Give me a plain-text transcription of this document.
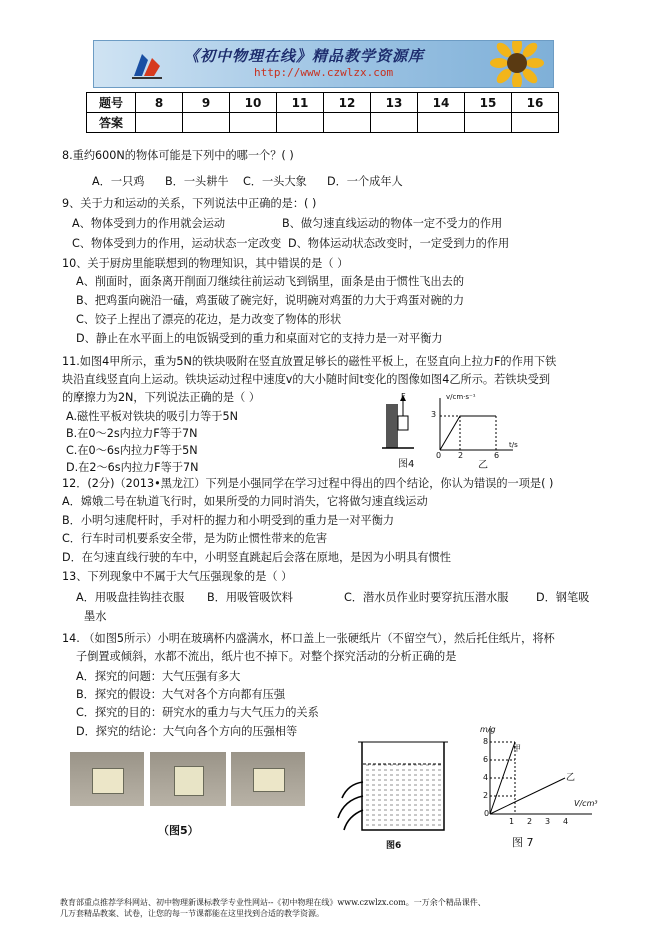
《初中物理在线》精品教学资源库
http://www.czwlzx.com
题号	8	9	10	11	12	13	14	15	16
答案									
8.重约600N的物体可能是下列中的哪一个？( )
A．一只鸡 B．一头耕牛 C．一头大象 D．一个成年人
9、关于力和运动的关系，下列说法中正确的是：( )
A、物体受到力的作用就会运动	B、做匀速直线运动的物体一定不受力的作用
C、物体受到力的作用，运动状态一定改变 D、物体运动状态改变时，一定受到力的作用
10、关于厨房里能联想到的物理知识，其中错误的是（ ）
A、削面时，面条离开削面刀继续往前运动飞到锅里，面条是由于惯性飞出去的
B、把鸡蛋向碗沿一磕，鸡蛋破了碗完好，说明碗对鸡蛋的力大于鸡蛋对碗的力
C、饺子上捏出了漂亮的花边，是力改变了物体的形状
D、静止在水平面上的电饭锅受到的重力和桌面对它的支持力是一对平衡力
11.如图4甲所示，重为5N的铁块吸附在竖直放置足够长的磁性平板上，在竖直向上拉力F的作用下铁
块沿直线竖直向上运动。铁块运动过程中速度v的大小随时间t变化的图像如图4乙所示。若铁块受到
的摩擦力为2N，下列说法正确的是（ ）
A.磁性平板对铁块的吸引力等于5N
B.在0～2s内拉力F等于7N
C.在0～6s内拉力F等于5N
D.在2～6s内拉力F等于7N
F	v/cm·s⁻¹
3
0 2	6
t/s
图4	乙
12．(2分)（2013•黑龙江）下列是小强同学在学习过程中得出的四个结论，你认为错误的一项是( )
A．嫦娥二号在轨道飞行时，如果所受的力同时消失，它将做匀速直线运动
B．小明匀速爬杆时，手对杆的握力和小明受到的重力是一对平衡力
C．行车时司机要系安全带，是为防止惯性带来的危害
D．在匀速直线行驶的车中，小明竖直跳起后会落在原地，是因为小明具有惯性
13、下列现象中不属于大气压强现象的是（ ）
A．用吸盘挂钩挂衣服 B．用吸管吸饮料	C．潜水员作业时要穿抗压潜水服 D．钢笔吸
墨水
14. （如图5所示）小明在玻璃杯内盛满水，杯口盖上一张硬纸片（不留空气），然后托住纸片，将杯
子倒置或倾斜，水都不流出，纸片也不掉下。对整个探究活动的分析正确的是
A．探究的问题：大气压强有多大
B．探究的假设：大气对各个方向都有压强
C．探究的目的：研究水的重力与大气压力的关系
D．探究的结论：大气向各个方向的压强相等
（图5）
图6
m/g
0
2
4
6
8
1 2 3 4
V/cm³
甲
乙
图 7
教育部重点推荐学科网站、初中物理新课标教学专业性网站--《初中物理在线》www.czwlzx.com。一万余个精品课件、
几万套精品教案、试卷，让您的每一节课都能在这里找到合适的教学资源。
